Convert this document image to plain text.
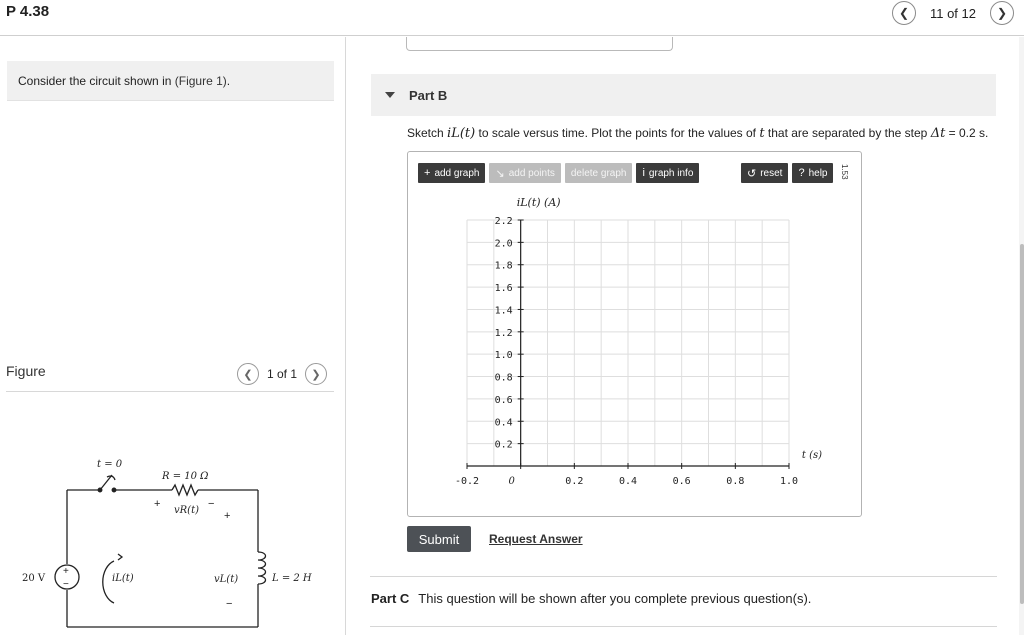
P 4.38	❮	11 of 12	❯
Consider the circuit shown in (Figure 1).
Figure	❮	1 of 1	❯
t = 0
R = 10 Ω
+
vR(t)
−
+
vL(t)
−
L = 2 H
20 V
+
−
iL(t)
Part B
Sketch iL(t) to scale versus time. Plot the points for the values of t that are separated by the step Δt = 0.2 s.
0.2
0.4
0.6
0.8
1.0
1.2
1.4
1.6
1.8
2.0
2.2
-0.2	0	0.2	0.4	0.6	0.8	1.0
iL(t) (A)
t (s)
+ add graph ↘ add points delete graph i graph info	↺ reset ? help 1.53
Submit	Request Answer
Part C This question will be shown after you complete previous question(s).
